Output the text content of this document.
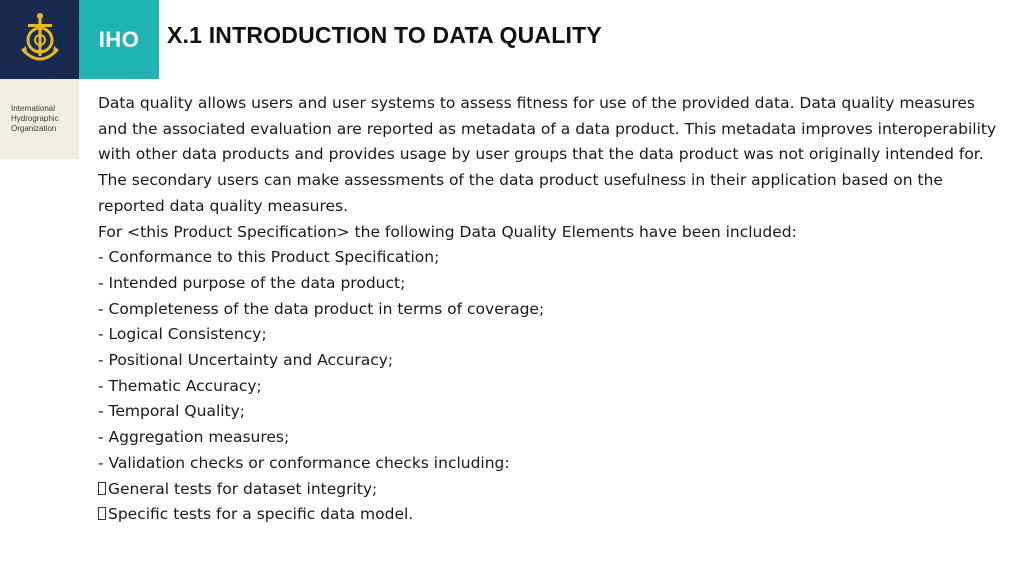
IHO
International
Hydrographic
Organization
X.1 INTRODUCTION TO DATA QUALITY

Data quality allows users and user systems to assess fitness for use of the provided data. Data quality measures and the associated evaluation are reported as metadata of a data product. This metadata improves interoperability with other data products and provides usage by user groups that the data product was not originally intended for. The secondary users can make assessments of the data product usefulness in their application based on the reported data quality measures.

For <this Product Specification> the following Data Quality Elements have been included:

- Conformance to this Product Specification;

- Intended purpose of the data product;

- Completeness of the data product in terms of coverage;

- Logical Consistency;

- Positional Uncertainty and Accuracy;

- Thematic Accuracy;

- Temporal Quality;

- Aggregation measures;

- Validation checks or conformance checks including:

General tests for dataset integrity;

Specific tests for a specific data model.
